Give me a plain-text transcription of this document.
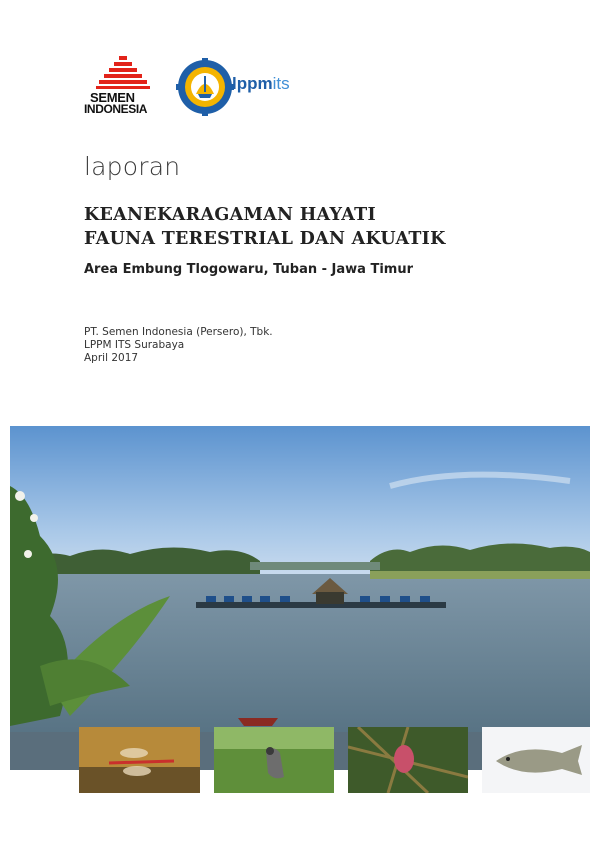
SEMEN
INDONESIA
lppmits
laporan
KEANEKARAGAMAN HAYATI
FAUNA TERESTRIAL DAN AKUATIK
Area Embung Tlogowaru, Tuban - Jawa Timur
PT. Semen Indonesia (Persero), Tbk.
LPPM ITS Surabaya
April 2017
